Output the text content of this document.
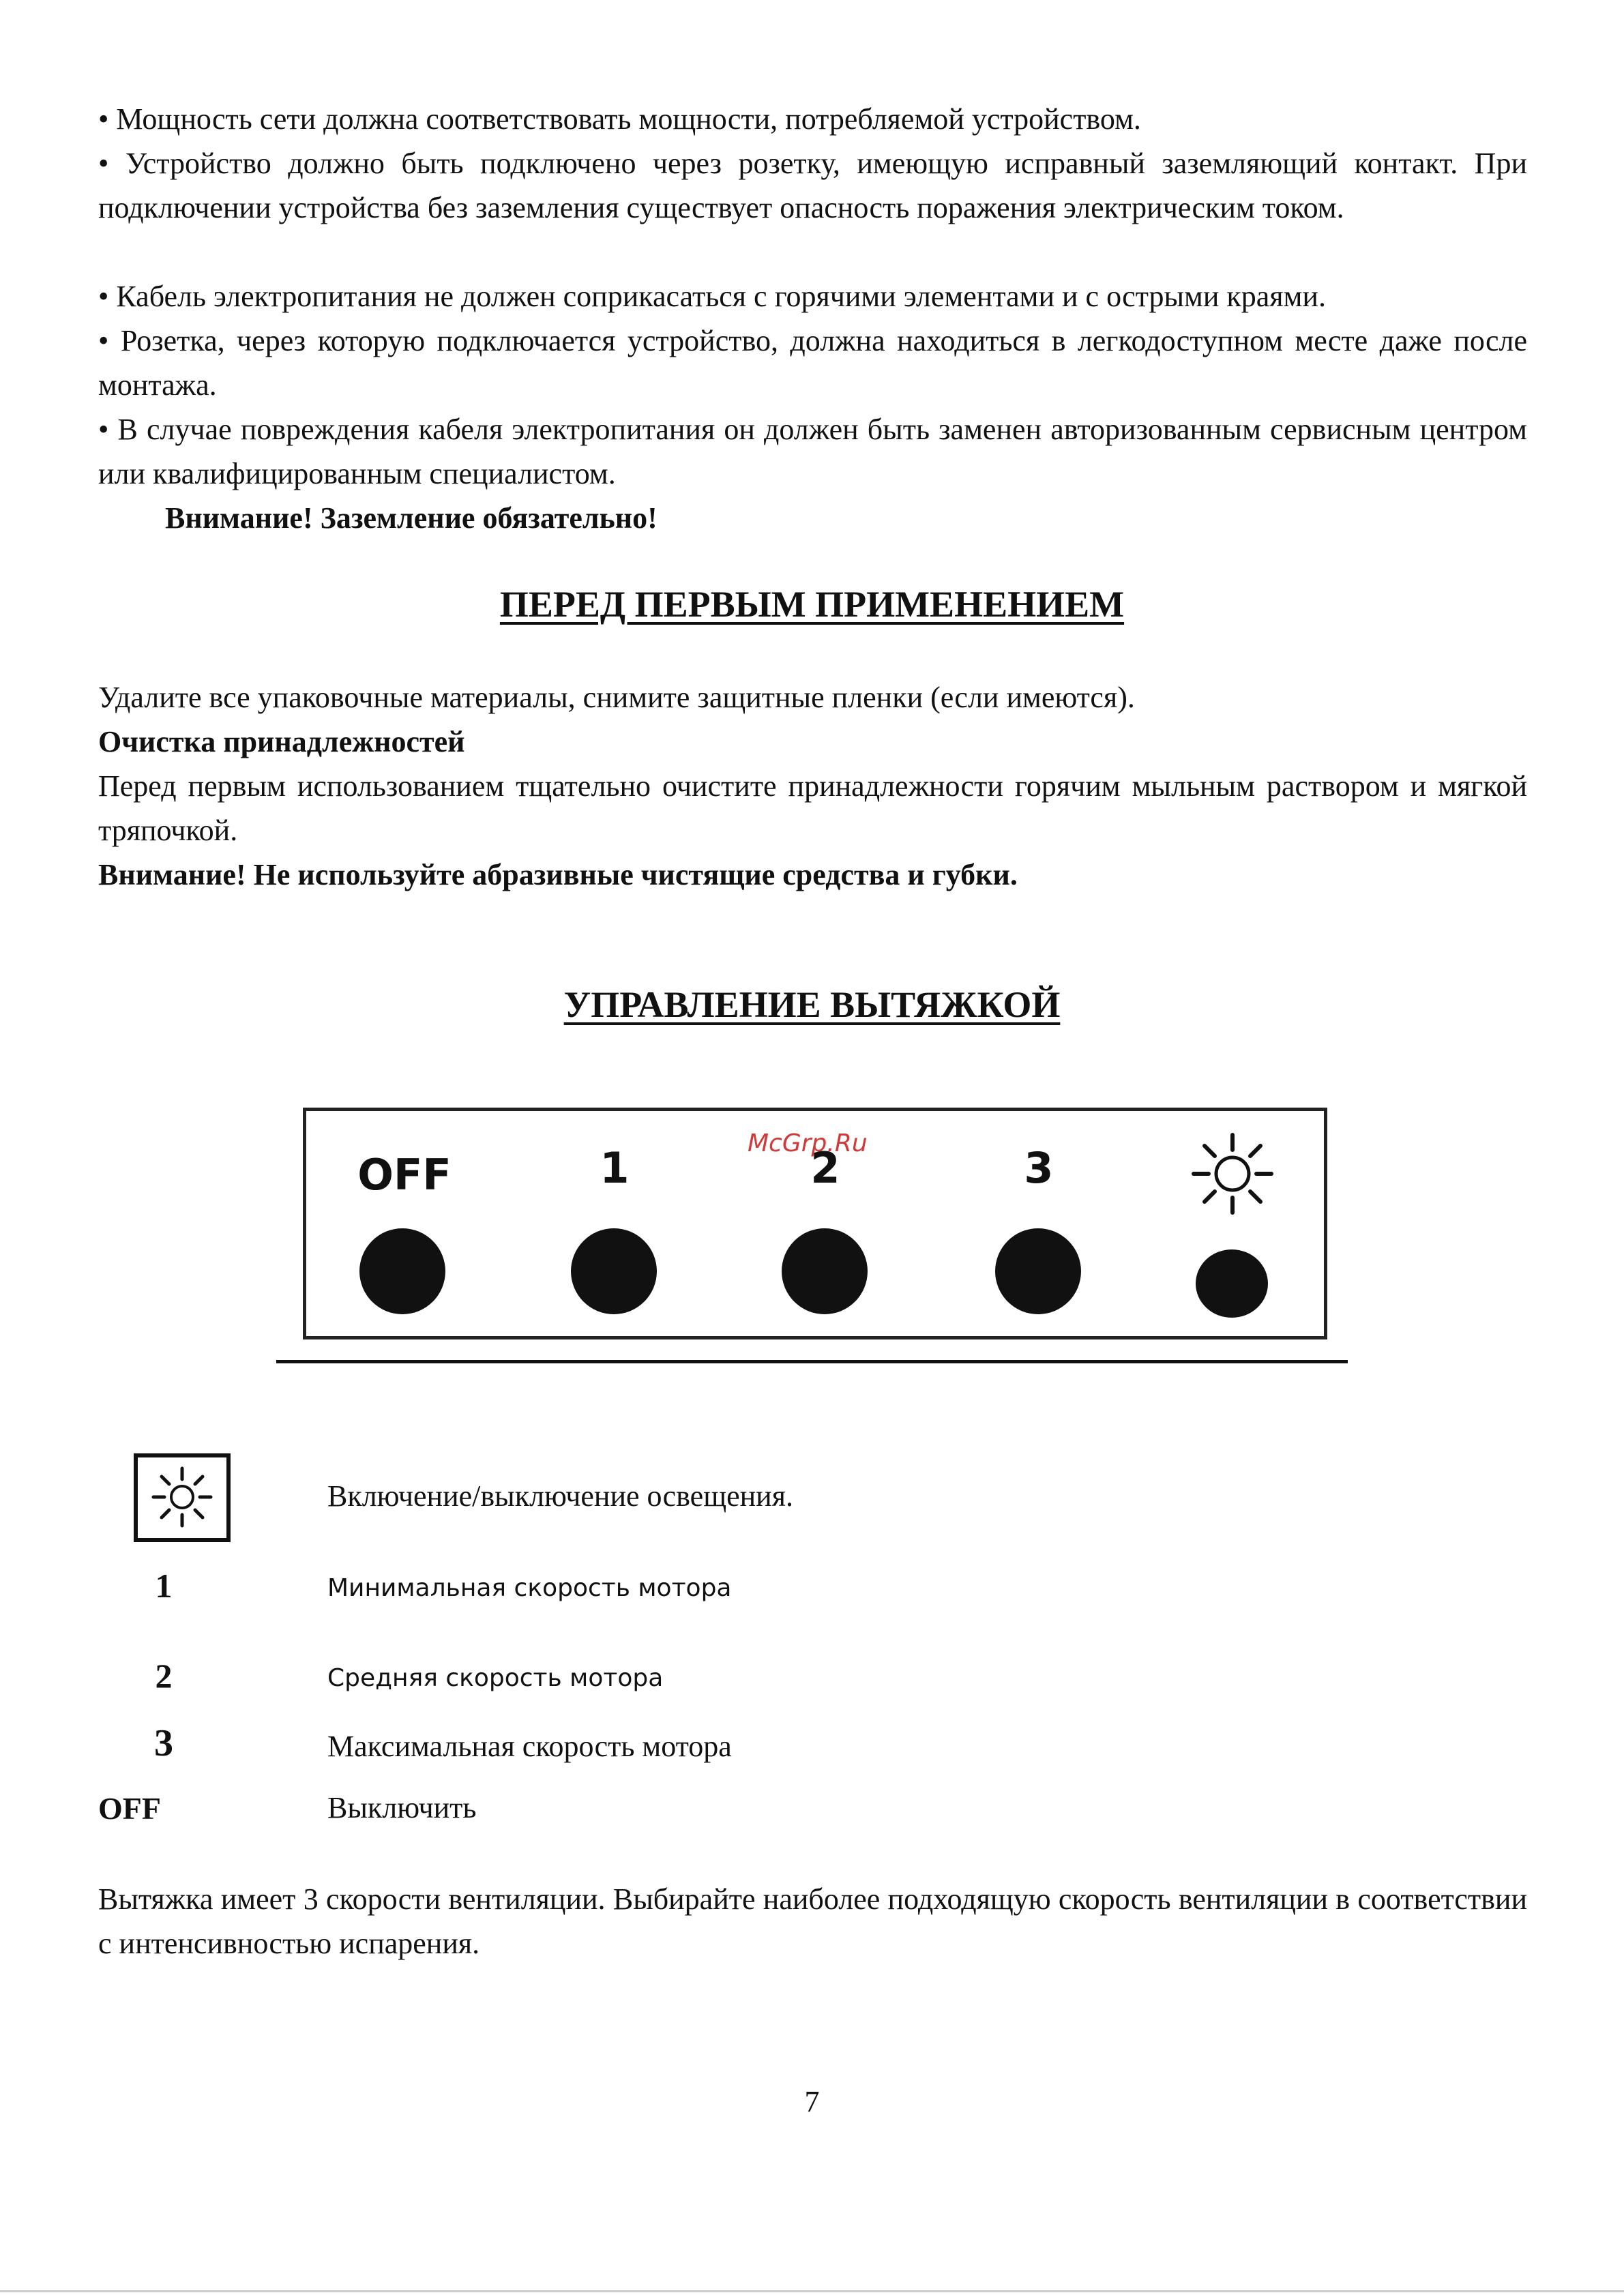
• Мощность сети должна соответствовать мощности, потребляемой устройством.

• Устройство должно быть подключено через розетку, имеющую исправный заземляющий контакт. При подключении устройства без заземления существует опасность поражения электрическим током.

• Кабель электропитания не должен соприкасаться с горячими элементами и с острыми краями.

• Розетка, через которую подключается устройство, должна находиться в легкодоступном месте даже после монтажа.

• В случае повреждения кабеля электропитания он должен быть заменен авторизованным сервисным центром или квалифицированным специалистом.

Внимание! Заземление обязательно!

ПЕРЕД ПЕРВЫМ ПРИМЕНЕНИЕМ

Удалите все упаковочные материалы, снимите защитные пленки (если имеются).

Очистка принадлежностей

Перед первым использованием тщательно очистите принадлежности горячим мыльным раствором и мягкой тряпочкой.

Внимание! Не используйте абразивные чистящие средства и губки.

УПРАВЛЕНИЕ ВЫТЯЖКОЙ
McGrp.Ru
OFF	1	2	3
Включение/выключение освещения.
1	Минимальная скорость мотора
2	Средняя скорость мотора
3	Максимальная скорость мотора
OFF	Выключить

Вытяжка имеет 3 скорости вентиляции. Выбирайте наиболее подходящую скорость вентиляции в соответствии с интенсивностью испарения.

7
